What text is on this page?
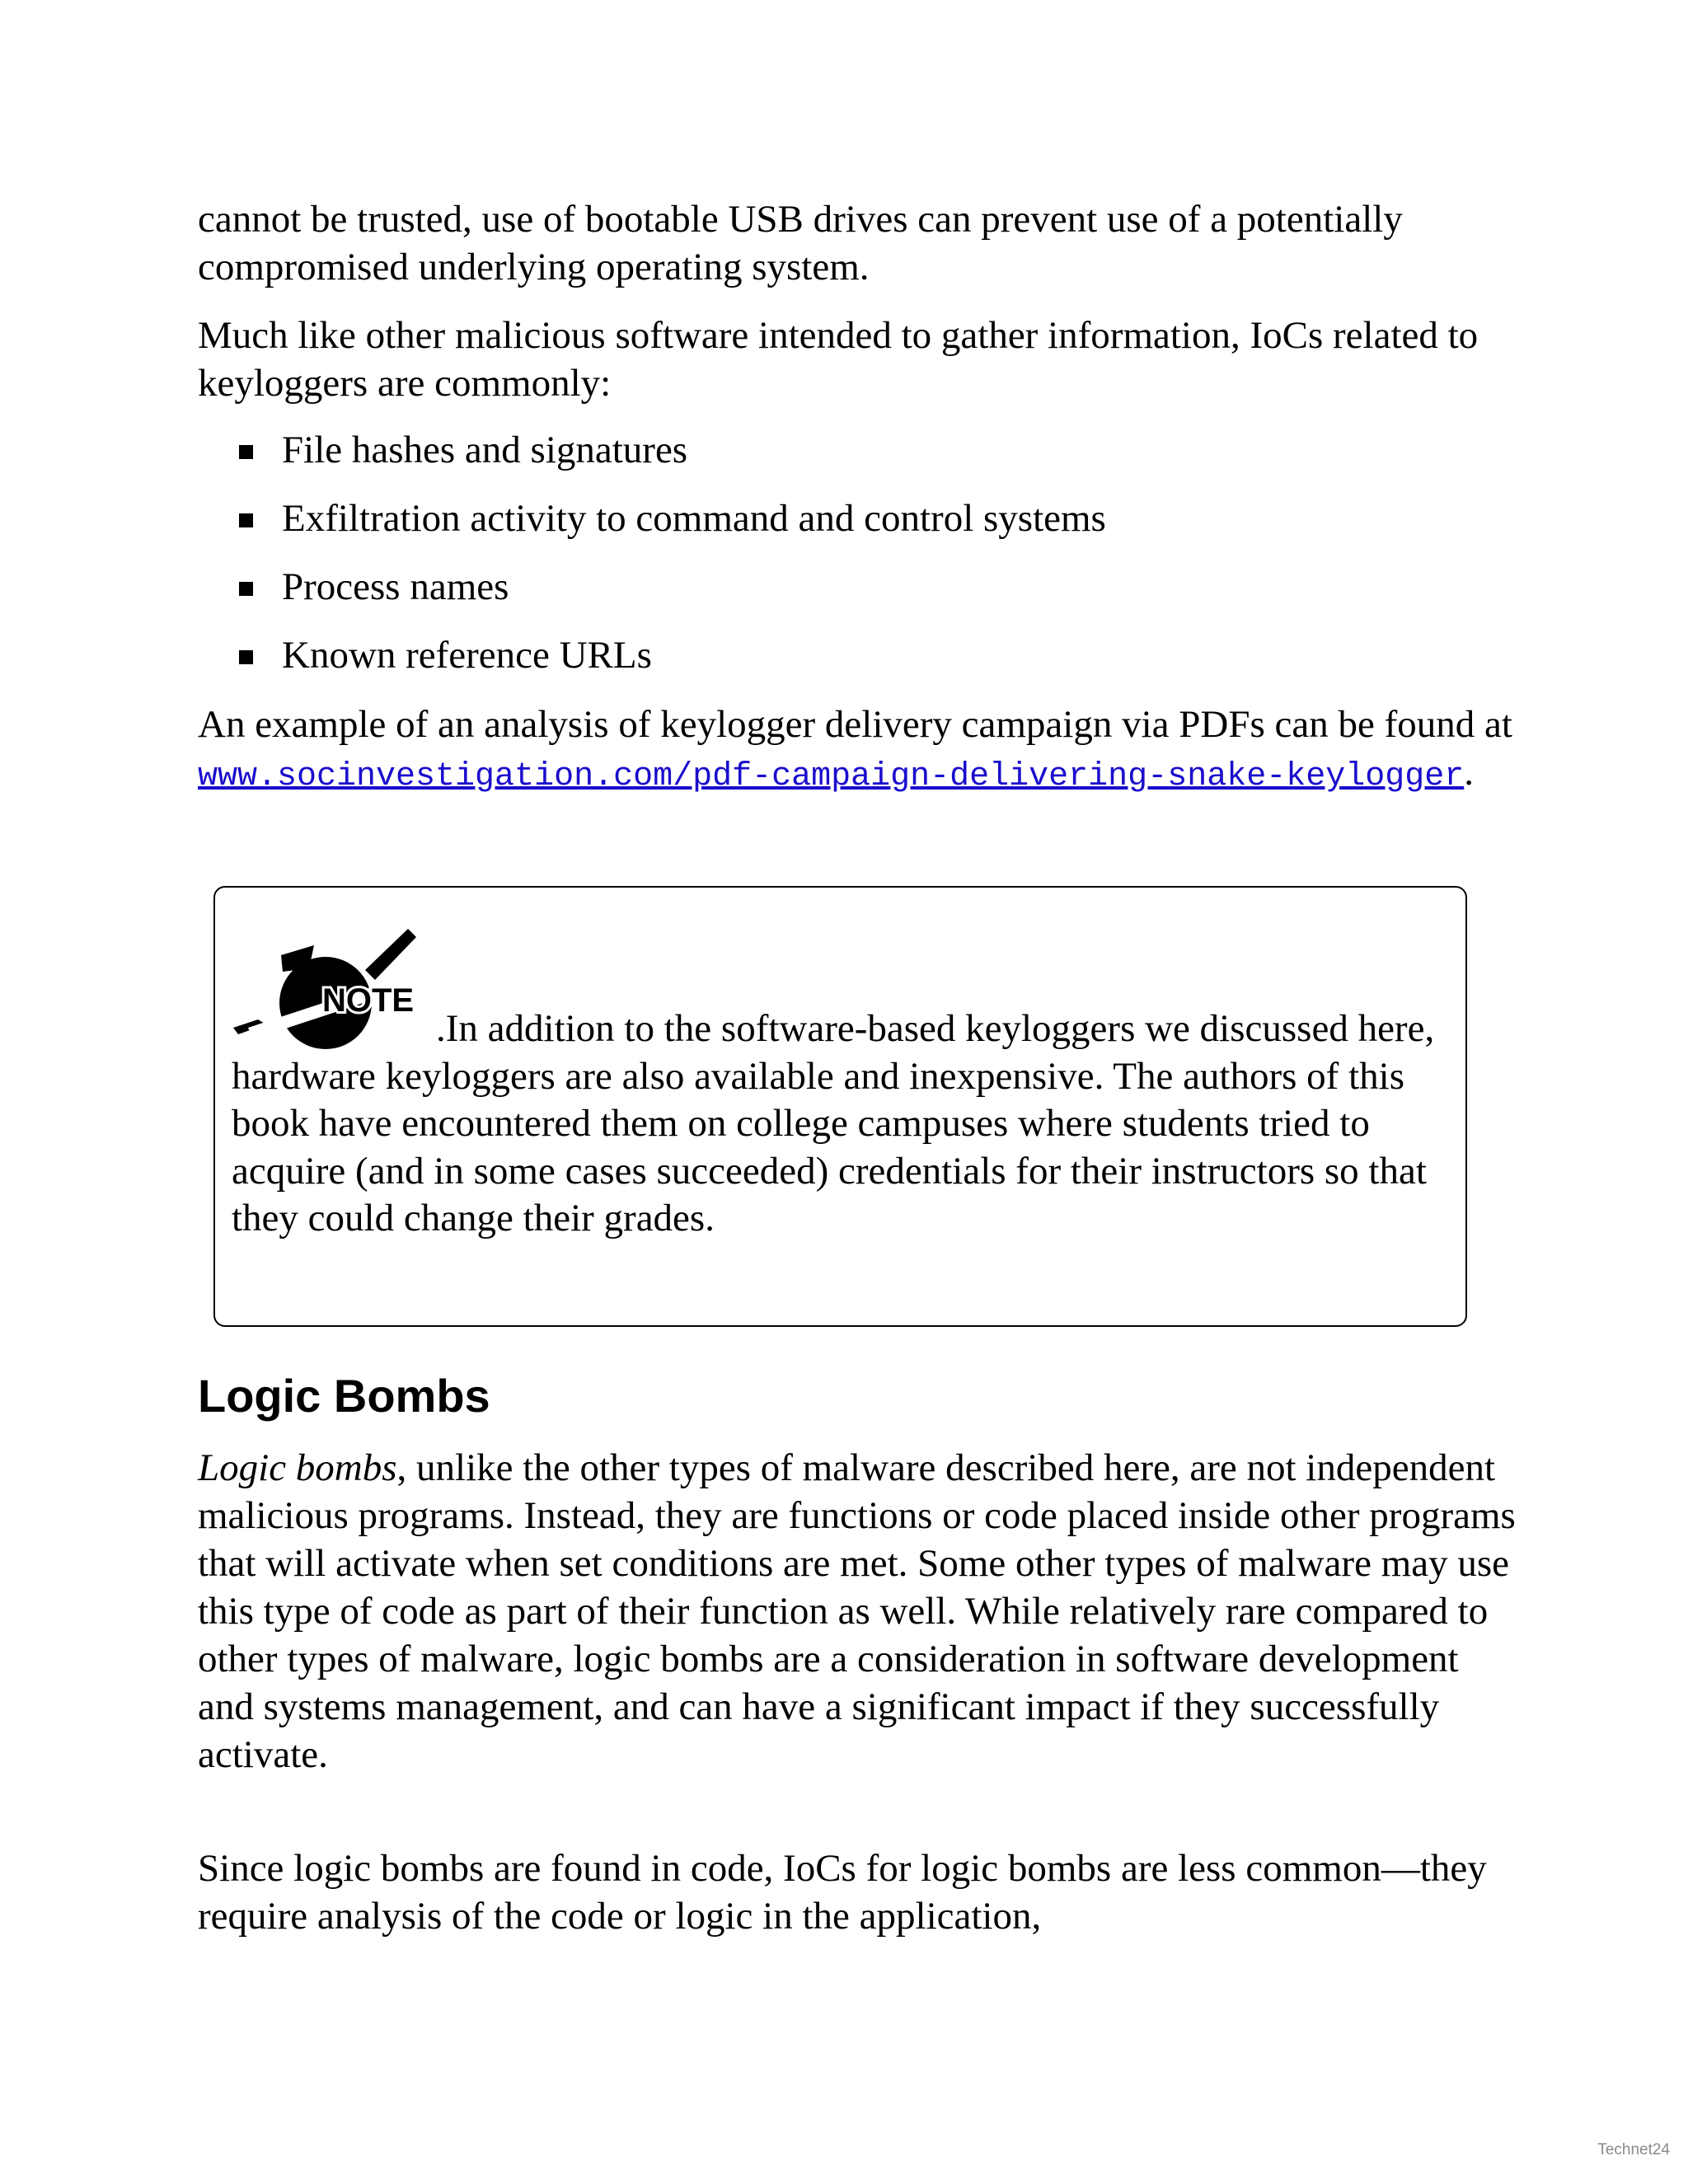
cannot be trusted, use of bootable USB drives can prevent use of a potentially compromised underlying operating system.

Much like other malicious software intended to gather information, IoCs related to keyloggers are commonly:

File hashes and signatures
Exfiltration activity to command and control systems
Process names
Known reference URLs

An example of an analysis of keylogger delivery campaign via PDFs can be found at www.socinvestigation.com/pdf-campaign-delivering-snake-keylogger.

NOTE

.In addition to the software-based keyloggers we discussed here, hardware keyloggers are also available and inexpensive. The authors of this book have encountered them on college campuses where students tried to acquire (and in some cases succeeded) credentials for their instructors so that they could change their grades.

Logic Bombs

Logic bombs, unlike the other types of malware described here, are not independent malicious programs. Instead, they are functions or code placed inside other programs that will activate when set conditions are met. Some other types of malware may use this type of code as part of their function as well. While relatively rare compared to other types of malware, logic bombs are a consideration in software development and systems management, and can have a significant impact if they successfully activate.

Since logic bombs are found in code, IoCs for logic bombs are less common—they require analysis of the code or logic in the application,

Technet24
